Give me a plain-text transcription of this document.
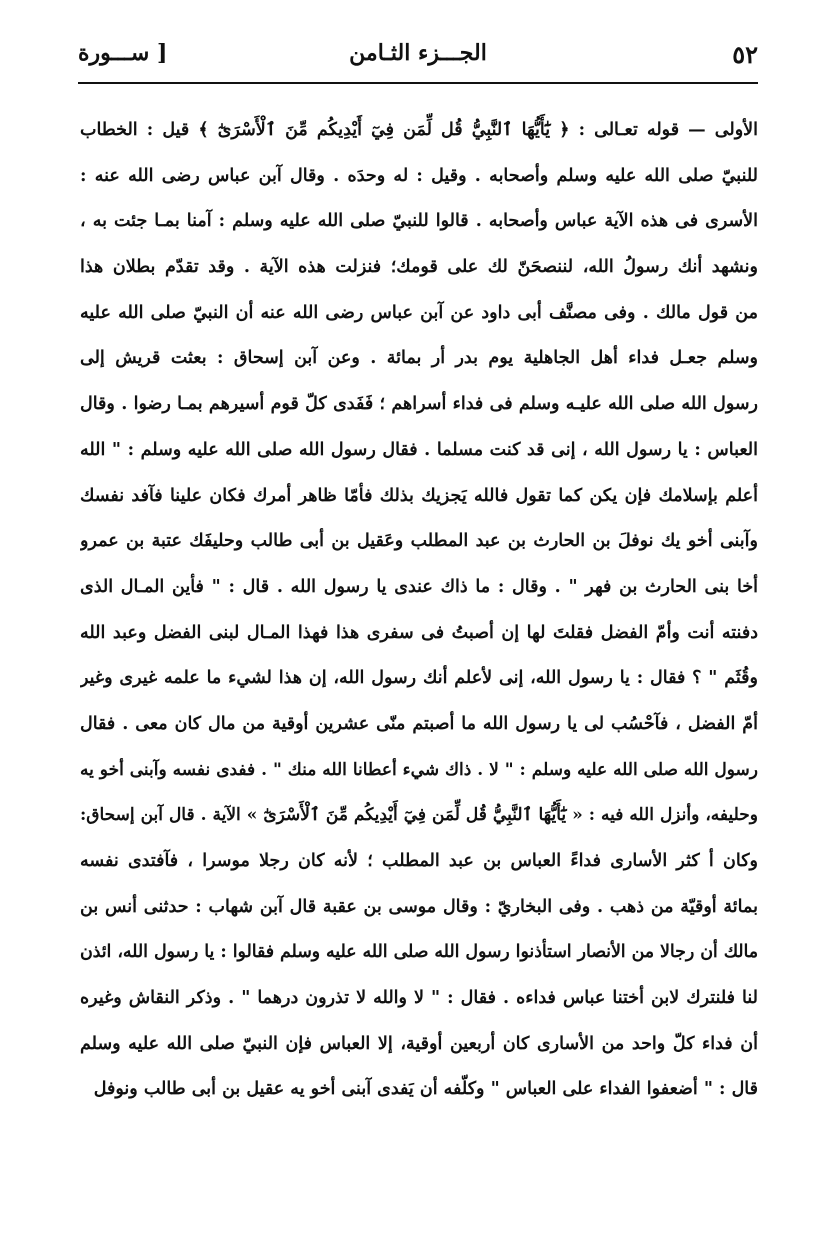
٥٢
الجـــزء الثـامن
[ ســـورة
الأولى — قوله تعـالى : ﴿ يَٰٓأَيُّهَا ٱلنَّبِيُّ قُل لِّمَن فِيٓ أَيْدِيكُم مِّنَ ٱلْأَسْرَىٰٓ ﴾ قيل : الخطاب
للنبيّ صلى الله عليه وسلم وأصحابه . وقيل : له وحدَه . وقال آبن عباس رضى الله عنه :
الأسرى فى هذه الآية عباس وأصحابه . قالوا للنبيّ صلى الله عليه وسلم : آمنا بمـا جئت به ،
ونشهد أنك رسولُ الله، لننصحَنّ لك على قومك؛ فنزلت هذه الآية . وقد تقدّم بطلان هذا
من قول مالك . وفى مصنَّف أبى داود عن آبن عباس رضى الله عنه أن النبيّ صلى الله عليه
وسلم جعـل فداء أهل الجاهلية يوم بدر أر بمائة . وعن آبن إسحاق : بعثت قريش إلى
رسول الله صلى الله عليـه وسلم فى فداء أسراهم ؛ فَفَدى كلّ قوم أسيرهم بمـا رضوا . وقال
العباس : يا رسول الله ، إنى قد كنت مسلما . فقال رسول الله صلى الله عليه وسلم : " الله
أعلم بإسلامك فإن يكن كما تقول فالله يَجزيك بذلك فأمّا ظاهر أمرك فكان علينا فآفد نفسك
وآبنى أخو يك نوفلَ بن الحارث بن عبد المطلب وعَقيل بن أبى طالب وحليفَك عتبة بن عمرو
أخا بنى الحارث بن فهر " . وقال : ما ذاك عندى يا رسول الله . قال : " فأين المـال الذى
دفنته أنت وأمّ الفضل فقلتَ لها إن أصبتُ فى سفرى هذا فهذا المـال لبنى الفضل وعبد الله
وقُثَم " ؟ فقال : يا رسول الله، إنى لأعلم أنك رسول الله، إن هذا لشيء ما علمه غيرى وغير
أمّ الفضل ، فآحْسُب لى يا رسول الله ما أصبتم منّى عشرين أوقية من مال كان معى . فقال
رسول الله صلى الله عليه وسلم : " لا . ذاك شيء أعطانا الله منك " . ففدى نفسه وآبنى أخو يه
وحليفه، وأنزل الله فيه : « يَٰٓأَيُّهَا ٱلنَّبِيُّ قُل لِّمَن فِيٓ أَيْدِيكُم مِّنَ ٱلْأَسْرَىٰٓ » الآية . قال آبن إسحاق:
وكان أ كثر الأسارى فداءً العباس بن عبد المطلب ؛ لأنه كان رجلا موسرا ، فآفتدى نفسه
بمائة أوقيّة من ذهب . وفى البخاريّ : وقال موسى بن عقبة قال آبن شهاب : حدثنى أنس بن
مالك أن رجالا من الأنصار استأذنوا رسول الله صلى الله عليه وسلم فقالوا : يا رسول الله، ائذن
لنا فلنترك لابن أختنا عباس فداءه . فقال : " لا والله لا تذرون درهما " . وذكر النقاش وغيره
أن فداء كلّ واحد من الأسارى كان أربعين أوقية، إلا العباس فإن النبيّ صلى الله عليه وسلم
قال : " أضعفوا الفداء على العباس " وكلّفه أن يَفدى آبنى أخو يه عقيل بن أبى طالب ونوفل
